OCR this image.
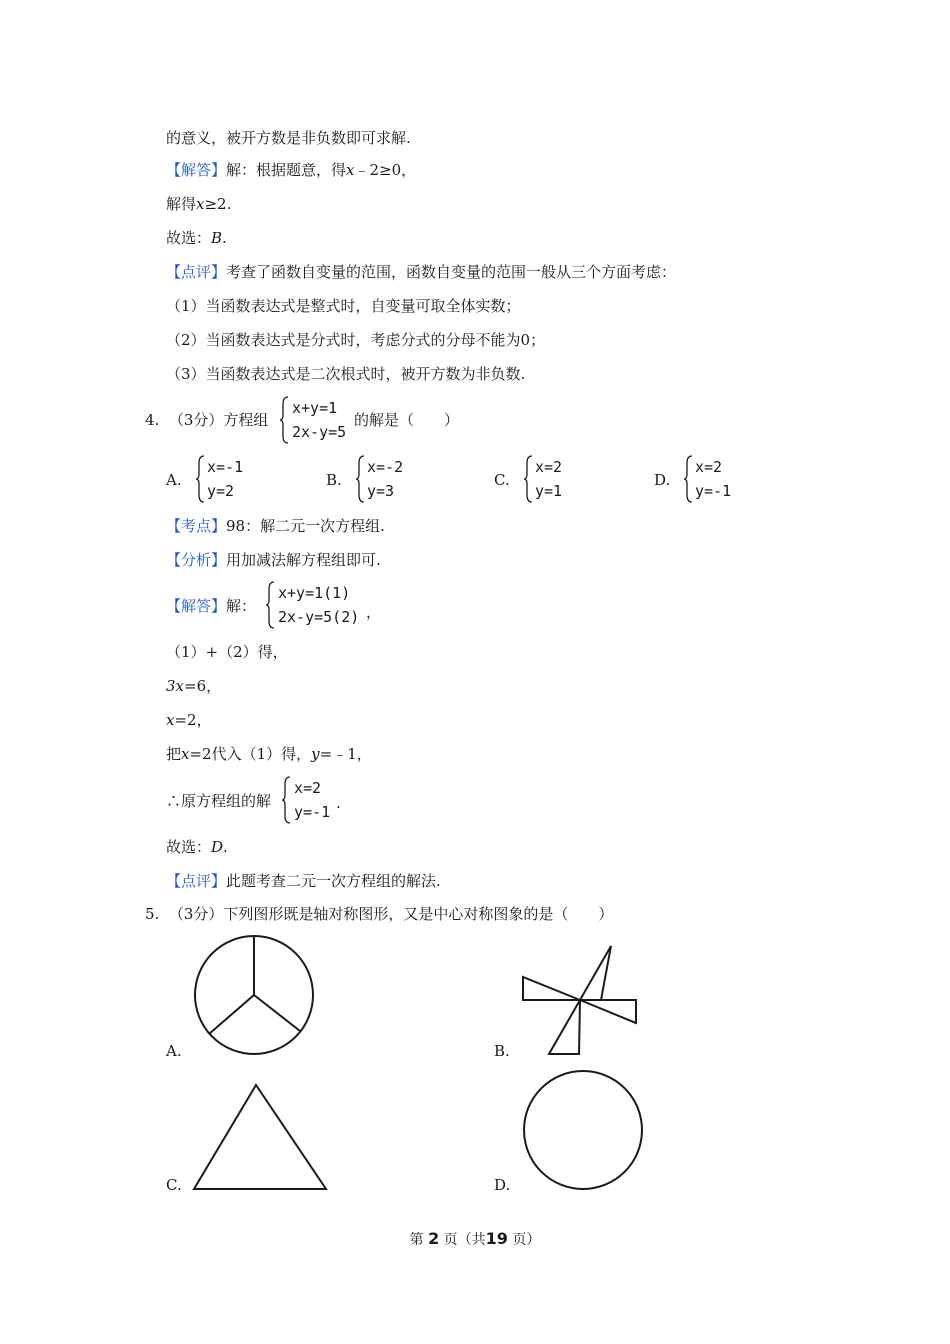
的意义，被开方数是非负数即可求解.
【解答】解：根据题意，得x﹣2≥0，
解得x≥2.
故选：B.
【点评】考查了函数自变量的范围，函数自变量的范围一般从三个方面考虑：
（1）当函数表达式是整式时，自变量可取全体实数；
（2）当函数表达式是分式时，考虑分式的分母不能为0；
（3）当函数表达式是二次根式时，被开方数为非负数.
4. （3分）方程组
x+y=1
2x-y=5
的解是（　　）
A.
x=-1
y=2
B.
x=-2
y=3
C.
x=2
y=1
D.
x=2
y=-1
【考点】98：解二元一次方程组.
【分析】用加减法解方程组即可.
【解答】解：
x+y=1(1)
2x-y=5(2) ，
（1）+（2）得，
3x=6，
x=2，
把x=2代入（1）得，y=﹣1，
∴原方程组的解
x=2
y=-1 .
故选：D.
【点评】此题考查二元一次方程组的解法.
5. （3分）下列图形既是轴对称图形，又是中心对称图象的是（　　）
A.	B.
C.	D.
第 2 页（共19 页）
